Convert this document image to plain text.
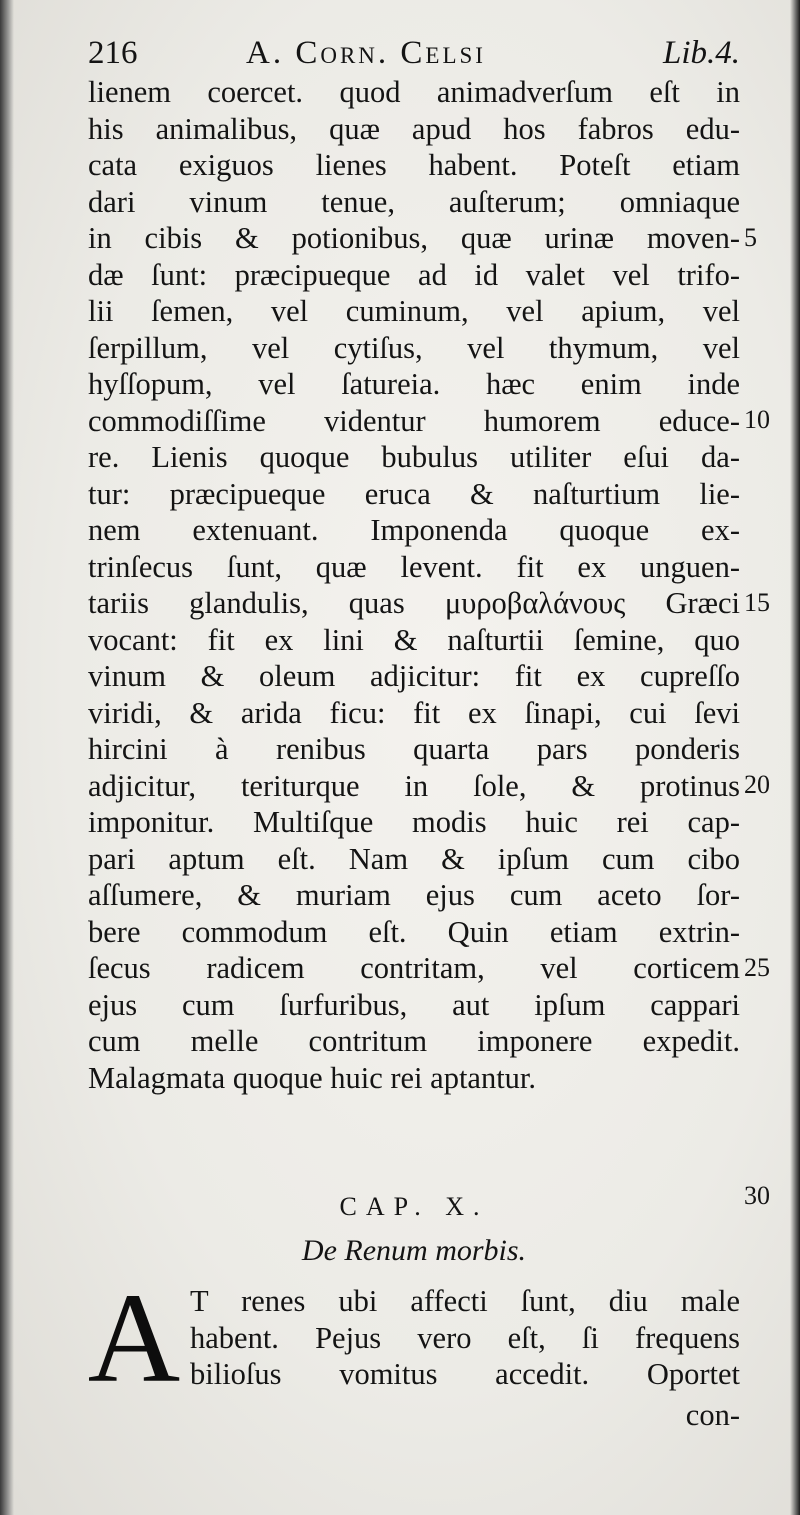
216	A. Corn. Celsi	Lib.4.
lienem coercet. quod animadverſum eſt in
his animalibus, quæ apud hos fabros edu-
cata exiguos lienes habent. Poteſt etiam
dari vinum tenue, auſterum; omniaque
in cibis & potionibus, quæ urinæ moven-
dæ ſunt: præcipueque ad id valet vel trifo-
lii ſemen, vel cuminum, vel apium, vel
ſerpillum, vel cytiſus, vel thymum, vel
hyſſopum, vel ſatureia. hæc enim inde
commodiſſime videntur humorem educe-
re. Lienis quoque bubulus utiliter eſui da-
tur: præcipueque eruca & naſturtium lie-
nem extenuant. Imponenda quoque ex-
trinſecus ſunt, quæ levent. fit ex unguen-
tariis glandulis, quas μυροβαλάνους Græci
vocant: fit ex lini & naſturtii ſemine, quo
vinum & oleum adjicitur: fit ex cupreſſo
viridi, & arida ficu: fit ex ſinapi, cui ſevi
hircini à renibus quarta pars ponderis
adjicitur, teriturque in ſole, & protinus
imponitur. Multiſque modis huic rei cap-
pari aptum eſt. Nam & ipſum cum cibo
aſſumere, & muriam ejus cum aceto ſor-
bere commodum eſt. Quin etiam extrin-
ſecus radicem contritam, vel corticem
ejus cum ſurfuribus, aut ipſum cappari
cum melle contritum imponere expedit.
Malagmata quoque huic rei aptantur.
5
10
15
20
25
30
CAP. X.
De Renum morbis.
A T renes ubi affecti ſunt, diu male
habent. Pejus vero eſt, ſi frequens
bilioſus vomitus accedit. Oportet
con-
